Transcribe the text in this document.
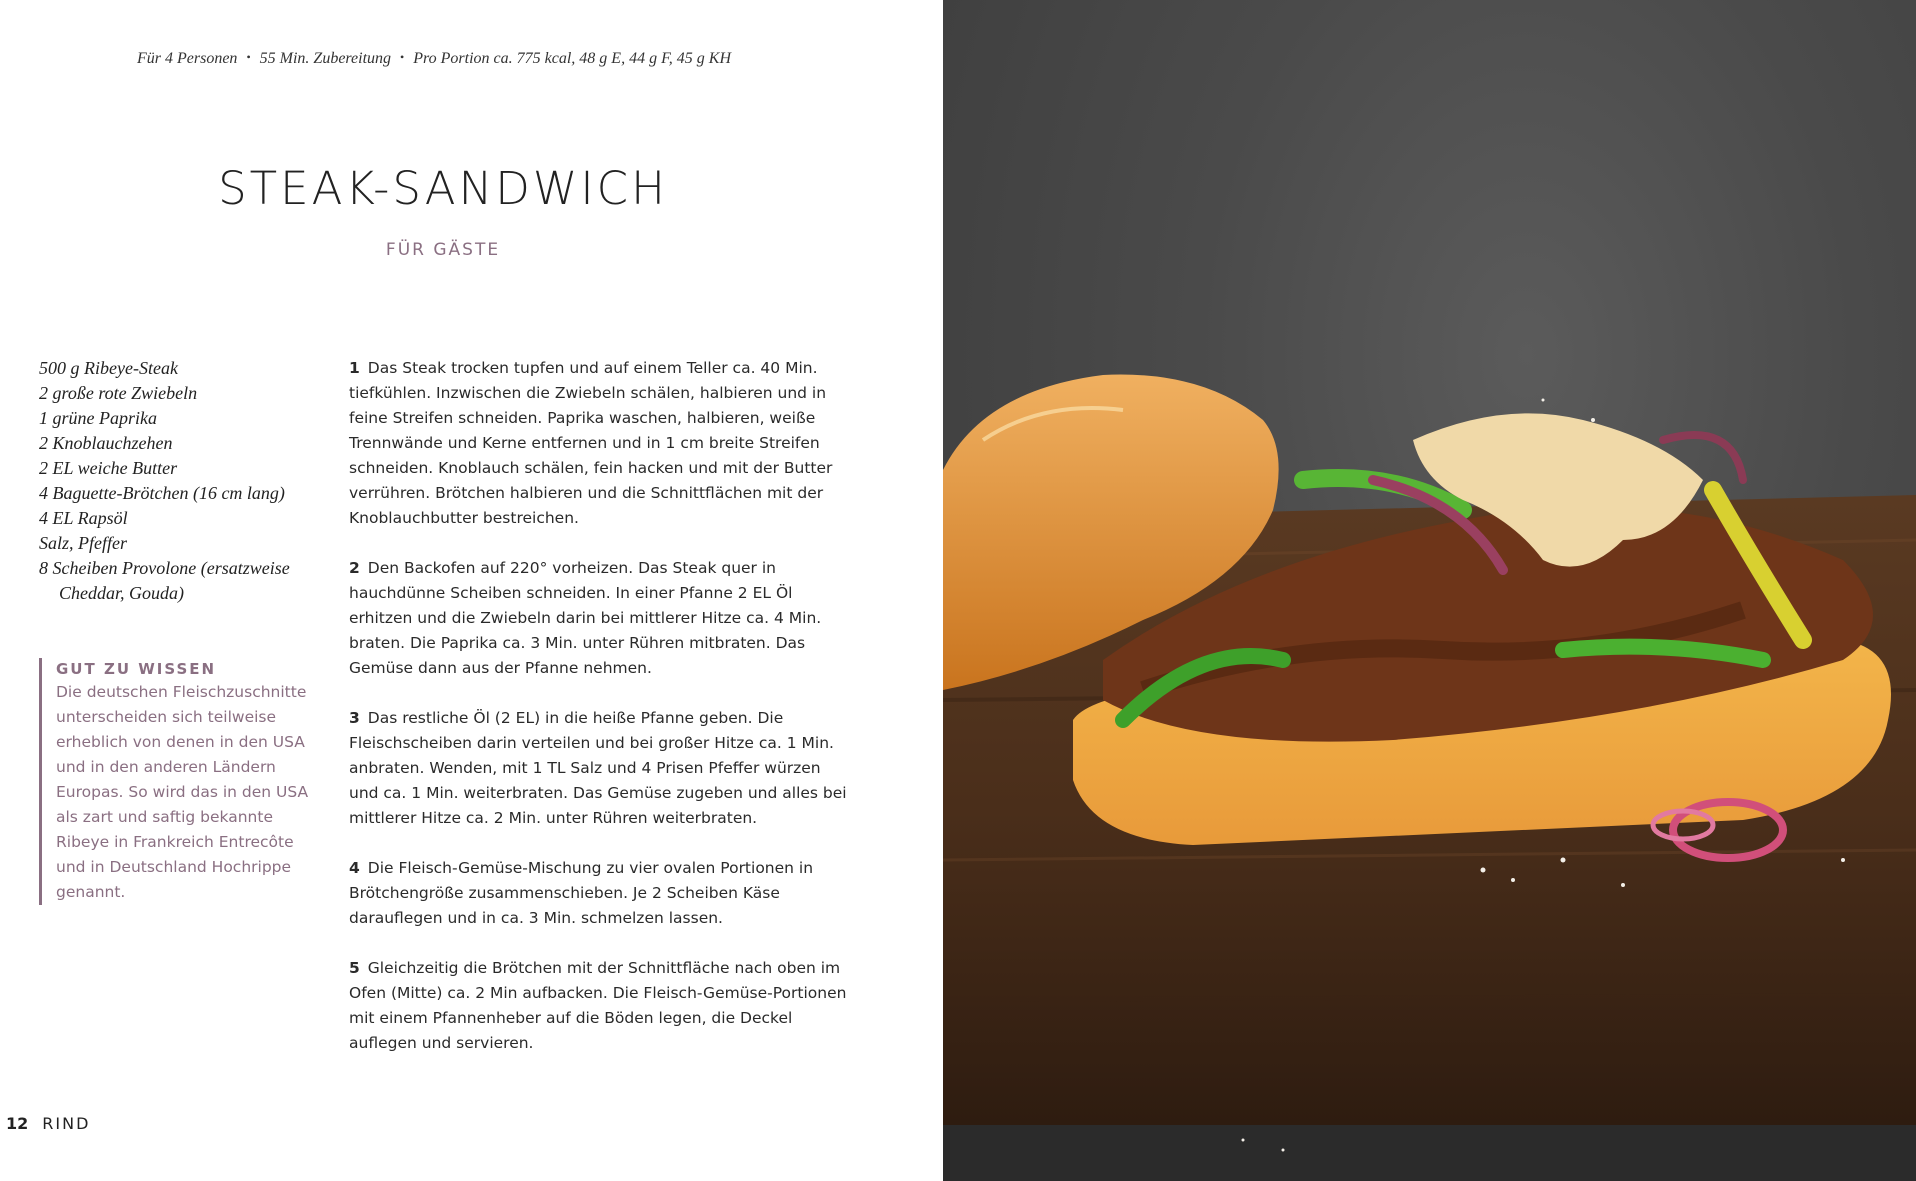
Für 4 Personen • 55 Min. Zubereitung • Pro Portion ca. 775 kcal, 48 g E, 44 g F, 45 g KH
STEAK-SANDWICH
FÜR GÄSTE
500 g Ribeye-Steak
2 große rote Zwiebeln
1 grüne Paprika
2 Knoblauchzehen
2 EL weiche Butter
4 Baguette-Brötchen (16 cm lang)
4 EL Rapsöl
Salz, Pfeffer
8 Scheiben Provolone (ersatzweise Cheddar, Gouda)
GUT ZU WISSEN
Die deutschen Fleischzuschnitte unterscheiden sich teilweise erheblich von denen in den USA und in den anderen Ländern Europas. So wird das in den USA als zart und saftig bekannte Ribeye in Frankreich Entrecôte und in Deutschland Hochrippe genannt.
1 Das Steak trocken tupfen und auf einem Teller ca. 40 Min. tiefkühlen. Inzwischen die Zwiebeln schälen, halbieren und in feine Streifen schneiden. Paprika waschen, halbieren, weiße Trennwände und Kerne entfernen und in 1 cm breite Streifen schneiden. Knoblauch schälen, fein hacken und mit der Butter verrühren. Brötchen halbieren und die Schnittflächen mit der Knoblauchbutter bestreichen.
2 Den Backofen auf 220° vorheizen. Das Steak quer in hauchdünne Scheiben schneiden. In einer Pfanne 2 EL Öl erhitzen und die Zwiebeln darin bei mittlerer Hitze ca. 4 Min. braten. Die Paprika ca. 3 Min. unter Rühren mitbraten. Das Gemüse dann aus der Pfanne nehmen.
3 Das restliche Öl (2 EL) in die heiße Pfanne geben. Die Fleischscheiben darin verteilen und bei großer Hitze ca. 1 Min. anbraten. Wenden, mit 1 TL Salz und 4 Prisen Pfeffer würzen und ca. 1 Min. weiterbraten. Das Gemüse zugeben und alles bei mittlerer Hitze ca. 2 Min. unter Rühren weiterbraten.
4 Die Fleisch-Gemüse-Mischung zu vier ovalen Portionen in Brötchengröße zusammenschieben. Je 2 Scheiben Käse darauflegen und in ca. 3 Min. schmelzen lassen.
5 Gleichzeitig die Brötchen mit der Schnittfläche nach oben im Ofen (Mitte) ca. 2 Min aufbacken. Die Fleisch-Gemüse-Portionen mit einem Pfannenheber auf die Böden legen, die Deckel auflegen und servieren.
12 RIND
